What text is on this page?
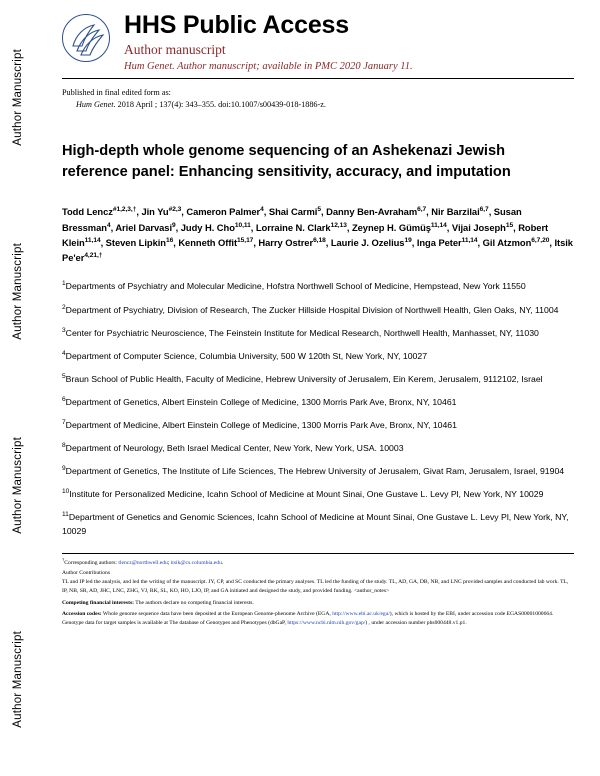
Author Manuscript
Author Manuscript
Author Manuscript
Author Manuscript
HHS Public Access
Author manuscript
Hum Genet. Author manuscript; available in PMC 2020 January 11.
Published in final edited form as:
Hum Genet. 2018 April ; 137(4): 343–355. doi:10.1007/s00439-018-1886-z.
High-depth whole genome sequencing of an Ashekenazi Jewish reference panel: Enhancing sensitivity, accuracy, and imputation
Todd Lencz$^{\#1,2,3,\dagger}$, Jin Yu$^{\#2,3}$, Cameron Palmer$^4$, Shai Carmi$^5$, Danny Ben-Avraham$^{6,7}$, Nir Barzilai$^{6,7}$, Susan Bressman$^4$, Ariel Darvasi$^9$, Judy H. Cho$^{10,11}$, Lorraine N. Clark$^{12,13}$, Zeynep H. Gümüş$^{11,14}$, Vijai Joseph$^{15}$, Robert Klein$^{11,14}$, Steven Lipkin$^{16}$, Kenneth Offit$^{15,17}$, Harry Ostrer$^{6,18}$, Laurie J. Ozelius$^{19}$, Inga Peter$^{11,14}$, Gil Atzmon$^{6,7,20}$, Itsik $Pe'er^{4,21,\dagger}$
$^1$Departments of Psychiatry and Molecular Medicine, Hofstra Northwell School of Medicine, Hempstead, New York 11550
$^2$Department of Psychiatry, Division of Research, The Zucker Hillside Hospital Division of Northwell Health, Glen Oaks, NY, 11004
$^3$Center for Psychiatric Neuroscience, The Feinstein Institute for Medical Research, Northwell Health, Manhasset, NY, 11030
$^4$Department of Computer Science, Columbia University, 500 W 120th St, New York, NY, 10027
$^5$Braun School of Public Health, Faculty of Medicine, Hebrew University of Jerusalem, Ein Kerem, Jerusalem, 9112102, Israel
$^6$Department of Genetics, Albert Einstein College of Medicine, 1300 Morris Park Ave, Bronx, NY, 10461
$^7$Department of Medicine, Albert Einstein College of Medicine, 1300 Morris Park Ave, Bronx, NY, 10461
$^8$Department of Neurology, Beth Israel Medical Center, New York, New York, USA. 10003
$^9$Department of Genetics, The Institute of Life Sciences, The Hebrew University of Jerusalem, Givat Ram, Jerusalem, Israel, 91904
$^{10}$Institute for Personalized Medicine, Icahn School of Medicine at Mount Sinai, One Gustave L. Levy Pl, New York, NY 10029
$^{11}$Department of Genetics and Genomic Sciences, Icahn School of Medicine at Mount Sinai, One Gustave L. Levy Pl, New York, NY, 10029
†Corresponding authors: tlencz@northwell.edu; itsik@cs.columbia.edu.
Author Contributions
TL and IP led the analysis, and led the writing of the manuscript. JY, CP, and SC conducted the primary analyses. TL led the funding of the study. TL, AD, GA, DB, NB, and LNC provided samples and conducted lab work. TL, IP, NB, SR, AD, JHC, LNC, ZHG, VJ, RK, SL, KO, HO, LJO, IP, and GA initiated and designed the study, and provided funding. <author_notes>
Competing financial interests: The authors declare no competing financial interests.
Accession codes: Whole genome sequence data have been deposited at the European Genome-phenome Archive (EGA, http://www.ebi.ac.uk/ega/), which is hosted by the EBI, under accession code EGAS00001000664. Genotype data for target samples is available at The database of Genotypes and Phenotypes (dbGaP, https://www.ncbi.nlm.nih.gov/gap/) , under accession number phs000448.v1.p1.
